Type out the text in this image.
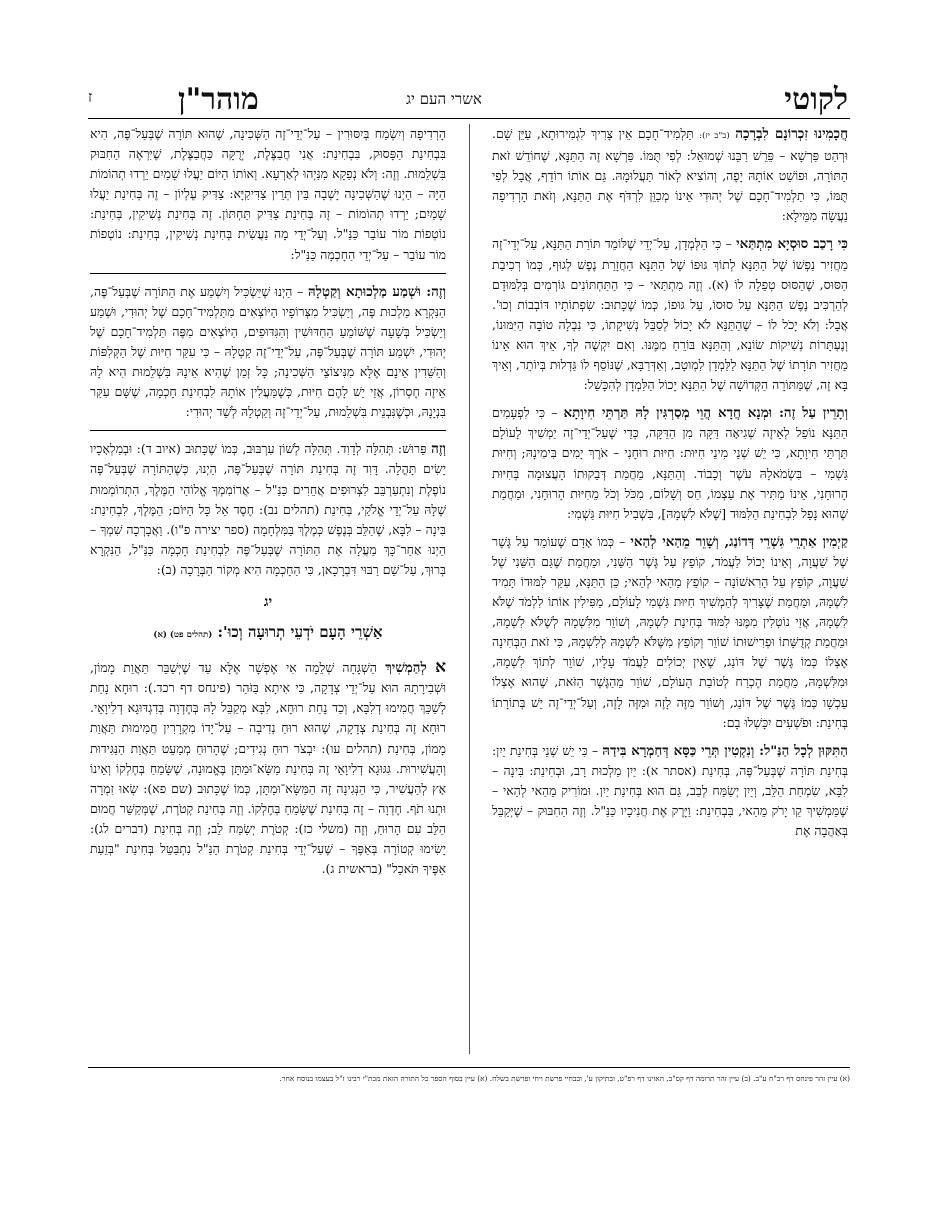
לקוטי
אשרי העם יג
מוהר"ן
ז

חֲכָמִינוּ זִכְרוֹנָם לִבְרָכָה (ב"ב יז): תַּלְמִיד־חָכָם אֵין צָרִיךְ לִגְמִירוּתָא, עַיֵּן שָׁם. וּרְהַט פַּרְשָׁא – פֵּרֵשׁ רַבֵּנוּ שְׁמוּאֵל: לְפִי תֻּמּוֹ. פַּרְשָׁא זֶה הַתַּנָּא, שֶׁחוֹדֵשׁ זֹאת הַתּוֹרָה, וּפוֹשֵׁט אוֹתָהּ יָפֶה, וְהוֹצִיא לְאוֹר תַּעֲלוּמָהּ. גַּם אוֹתוֹ רוֹדֵף, אֲבָל לְפִי תֻּמּוֹ, כִּי תַלְמִיד־חָכָם שֶׁל יְהוּדִי אֵינוֹ מְכַוֵּן לִרְדֹּף אֶת הַתַּנָּא, וְזֹאת הָרְדִיפָה נַעֲשָׂה מִמֵּילָא:

כִּי רָכַב סוּסְיָא מִתְתַּאי – כִּי הַלְּמְדָן, עַל־יְדֵי שֶׁלּוֹמֵד תּוֹרַת הַתַּנָּא, עַל־יְדֵי־זֶה מַחֲזִיר נַפְשׁוֹ שֶׁל הַתַּנָּא לְתוֹךְ גּוּפוֹ שֶׁל הַתַּנָּא הַחֲזָרַת נֶפֶשׁ לְגוּף, כְּמוֹ רְכִיבַת הַסּוּס, שֶׁהַסּוּס טְפֵלָה לוֹ (א). וְזֶה מִתְתַּאי – כִּי הַתַּחְתּוֹנִים גּוֹרְמִים בְּלִמּוּדָם לְהַרְכִּיב נֶפֶשׁ הַתַּנָּא עַל סוּסוֹ, עַל גּוּפוֹ, כְּמוֹ שֶׁכָּתוּב: שִׂפְתוֹתָיו דּוֹבְבוֹת וְכוּ'. אֲבָל: וְלֹא יָכֹל לוֹ – שֶׁהַתַּנָּא לֹא יָכוֹל לְסַבֵּל נְשִׁיקָתוֹ, כִּי נִבְלָה טוֹבָה הַיִּמּוּנוֹ, וְנֶעְתָּרוֹת נְשִׁיקוֹת שׂוֹנֵא, וְהַתַּנָּא בּוֹרֵחַ מִמֶּנּוּ. וְאִם יִקְשֶׁה לְךָ, אֵיךְ הוּא אֵינוֹ מַחֲזִיר תּוֹרָתוֹ שֶׁל הַתַּנָּא לַלַּמְדָן לִמְוטָב, וְאַדְּרַבָּא, שֶׁנּוֹסֵף לוֹ גַּדְלוּת בְּיוֹתֵר, וְאֵיךְ בָּא זֶה, שֶׁמַּתּוֹרָה הַקְּדוֹשָׁה שֶׁל הַתַּנָּא יָכוֹל הַלַּמְדָן לְהִכָּשֵׁל:

וְתָרֵין עַל זֶה: וּמְנָא חֲדָא הֲוֵי מְסַרְגִּין לָהּ תַּרְתֵּי חִיוָתָא – כִּי לִפְעָמִים הַתַּנָּא נוֹפֵל לְאֵיזֶה שְׁגִיאָה דַּקָּה מִן הַדַּקָּה, כְּדֵי שֶׁעַל־יְדֵי־זֶה יַמְשִׁיךְ לָעוֹלָם תַּרְתֵּי חִיוָתָא, כִּי יֵשׁ שְׁנֵי מִינֵי חִיּוּת: חִיּוּת רוּחָנִי – אֹרֶךְ יָמִים בִּימִינָהּ; וְחִיּוּת גַּשְׁמִי – בִּשְׂמֹאלָהּ עֹשֶׁר וְכָבוֹד. וְהַתַּנָּא, מֵחֲמַת דְּבֵקוּתוֹ הָעֲצוּמָה בְּחִיּוּת הָרוּחָנִי, אֵינוֹ מַתִּיר אֶת עַצְמוֹ, חַס וְשָׁלוֹם, מִכֹּל וְכֹל מֵחִיּוּת הָרוּחָנִי, וּמֵחֲמַת שֶׁהוּא נָפַל לִבְחִינַת הַלִּמּוּד [שֶׁלֹּא לִשְׁמָהּ], בִּשְׁבִיל חִיּוּת גַּשְׁמִי:

קַיְמִין אַתְרֵי גִּשְׁרֵי דְּדוֹנַג, וְשָׁוֵר מֵהַאי לְהַאי – כְּמוֹ אָדָם שֶׁעוֹמֵד עַל גֶּשֶׁר שֶׁל שַׁעֲוָה, וְאֵינוֹ יָכוֹל לַעֲמֹד, קוֹפֵץ עַל גֶּשֶׁר הַשֵּׁנִי, וּמֵחֲמַת שֶׁגַּם הַשֵּׁנִי שֶׁל שַׁעֲוָה, קוֹפֵץ עַל הָרִאשׁוֹנָה – קוֹפֵץ מֵהַאי לְהַאי; כֵּן הַתַּנָּא, עִקַּר לִמּוּדוֹ תָּמִיד לִשְׁמָהּ, וּמֵחֲמַת שֶׁצָּרִיךְ לְהַמְשִׁיךְ חִיּוּת גַּשְׁמִי לָעוֹלָם, מַפִּילִין אוֹתוֹ לִלְמֹד שֶׁלֹּא לִשְׁמָהּ, אֲזַי נוֹטְלִין מִמֶּנּוּ לִמּוּד בְּחִינַת לִשְׁמָהּ, וְשׁוֹוֵר מִלִּשְׁמָהּ לְשֶׁלֹּא לִשְׁמָהּ, וּמֵחֲמַת קְדֻשָּׁתוֹ וּפְרִישׁוּתוֹ שׁוֹוֵר וְקוֹפֵץ מִשֶּׁלֹּא לִשְׁמָהּ לְלִשְׁמָהּ, כִּי זֹאת הַבְּחִינָה אֶצְלוֹ כְּמוֹ גֶּשֶׁר שֶׁל דּוֹנַג, שֶׁאֵין יְכוֹלִים לַעֲמֹד עָלָיו, שׁוֹוֵר לְתוֹךְ לִשְׁמָהּ, וּמִלִּשְׁמָהּ, מֵחֲמַת הֶכְרַח לְטוֹבַת הָעוֹלָם, שׁוֹוֵר מֵהַגֶּשֶׁר הַזֹּאת, שֶׁהוּא אֶצְלוֹ עַכְשָׁו כְּמוֹ גֶּשֶׁר שֶׁל דּוֹנַג, וְשׁוֹוֵר מִזֶּה לָזֶה וּמִזֶּה לָזֶה, וְעַל־יְדֵי־זֶה יֵשׁ בְּתוֹרָתוֹ בְּחִינַת: וּפֹשְׁעִים יִכָּשְׁלוּ בָם:

הַתִּקּוּן לְכָל הַנַּ"ל: וְנִקְטִין תְּרֵי כַּסָּא דְּחַמְרָא בִּידַהּ – כִּי יֵשׁ שְׁנֵי בְּחִינַת יַיִן: בְּחִינַת תּוֹרָה שֶׁבְּעַל־פֶּה, בְּחִינַת (אסתר א): יַיִן מַלְכוּת רָב, וּבְחִינַת: בִּינָה – לִבָּא, שִׂמְחַת הַלֵּב, וְיַיִן יְשַׂמַּח לְבַב, גַּם הוּא בְּחִינַת יַיִן. וּמוֹרִיק מֵהַאי לְהַאי – שֶׁמַּמְשִׁיךְ קַו יָרֹק מֵהַאי, בִּבְחִינַת: וַיָּרֶק אֶת חֲנִיכָיו כַּנַּ"ל. וְזֶה הַחִבּוּק – שֶׁיְּקַבֵּל בְּאַהֲבָה אֶת

הָרְדִיפָה וְיִשְׂמַח בְּיִסּוּרִין – עַל־יְדֵי־זֶה הַשְּׁכִינָה, שֶׁהוּא תּוֹרָה שֶׁבְּעַל־פֶּה, הִיא בִּבְחִינַת הַפָּסוּק, בִּבְחִינַת: אֲנִי חֲבַצֶּלֶת, יְרֻקָּה כַּחֲבַצֶּלֶת, שֶׁיִּרְאֶה הַחִבּוּק בִּשְׁלֵמוּת. וְזֶה: וְלֹא נְפַקָא מִנַּיְהוּ לְאַרְעָא. וְאוֹתוֹ הַיּוֹם יַעֲלוּ שָׁמַיִם יֵרְדוּ תְהוֹמוֹת הַיָּה – הַיְנוּ שֶׁהַשְּׁכִינָה יָשְׁבָה בֵּין תְּרֵין צַדִּיקַיָּא: צַדִּיק עֶלְיוֹן – זֶה בְּחִינַת יַעֲלוּ שָׁמַיִם; יֵרְדוּ תְהוֹמוֹת – זֶה בְּחִינַת צַדִּיק תַּחְתּוֹן. זֶה בְּחִינַת נְשִׁיקִין, בְּחִינַת: נוֹטְפוֹת מוֹר עוֹבֵר כַּנַּ"ל. וְעַל־יְדֵי מָה נַעֲשִׂית בְּחִינַת נְשִׁיקִין, בְּחִינַת: נוֹטְפוֹת מוֹר עוֹבֵר – עַל־יְדֵי הַחָכְמָה כַּנַּ"ל:

וְזֶה: וּשְׁמַע מַלְכוּתָא וְקַטְלָהּ – הַיְנוּ שֶׁיַּשְׂכִּיל וְיִשְׁמַע אֶת הַתּוֹרָה שֶׁבְּעַל־פֶּה, הַנִּקְרָא מַלְכוּת פֶּה, וְיַשְׂכִּיל מִצְּרוֹפָיו הַיּוֹצְאִים מִתַּלְמִיד־חָכָם שֶׁל יְהוּדִי, וּשְׁמַע וְיַשְׂכִּיל בְּשָׁעָה שֶׁשּׁוֹמֵעַ הַחִדּוּשִׁין וְהַגִּדּוּפִים, הַיּוֹצְאִים מִפֶּה תַּלְמִיד־חָכָם שֶׁל יְהוּדִי, יִשְׁמַע תּוֹרָה שֶׁבְּעַל־פֶּה, עַל־יְדֵי־זֶה קַטְלָהּ – כִּי עִקַּר חִיּוּת שֶׁל הַקְּלִפּוֹת וְהַשֵּׁדִין אֵינָם אֶלָּא מִנִּיצוֹצֵי הַשְּׁכִינָה; כָּל זְמַן שֶׁהִיא אֵינָהּ בִּשְׁלֵמוּת הִיא לָהּ אֵיזֶה חֶסְרוֹן, אֲזַי יֵשׁ לָהֶם חִיּוּת, כְּשֶׁמַּעֲלִין אוֹתָהּ לִבְחִינַת חָכְמָה, שֶׁשָּׁם עִקַּר בִּנְיָנָהּ, וּכְשֶׁנִּבְנֵית בִּשְׁלֵמוּת, עַל־יְדֵי־זֶה וְקַטְלָהּ לְשֵׁד יְהוּדִי:

וְזֶה פֵּרוּשׁ: תְּהִלָּה לְדָוִד. תְּהִלָּה לְשׁוֹן עִרְבּוּב, כְּמוֹ שֶׁכָּתוּב (איוב ד): וּבְמַלְאָכָיו יָשִׂים תָּהֳלָה. דָּוִד זֶה בְּחִינַת תּוֹרָה שֶׁבְּעַל־פֶּה, הַיְנוּ, כְּשֶׁהַתּוֹרָה שֶׁבְּעַל־פֶּה נוֹפֶלֶת וְנִתְעַרְבֵּב לִצְרוּפִים אֲחֵרִים כַּנַּ"ל – אֲרוֹמִמְךָ אֱלוֹהַי הַמֶּלֶךְ, הִתְרוֹמְמוּת שֶׁלָּהּ עַל־יְדֵי אֱלֹקַי, בְּחִינַת (תהלים נב): חֶסֶד אֵל כָּל הַיּוֹם; הַמֶּלֶךְ, לִבְחִינַת: בִּינָה – לִבָּא, שֶׁהַלֵּב בְּנֶפֶשׁ כְּמֶלֶךְ בַּמִּלְחָמָה (ספר יצירה פ"ו). וַאֲבָרְכָה שִׁמְךָ – הַיְנוּ אַחַר־כָּךְ מַעֲלָה אֶת הַתּוֹרָה שֶׁבְּעַל־פֶּה לִבְחִינַת חָכְמָה כַּנַּ"ל, הַנִּקְרָא בְּרוּךְ, עַל־שֵׁם רַבּוּי דִּבְרָכָאן, כִּי הַחָכְמָה הִיא מְקוֹר הַבְּרָכָה (ב):

יג
אַשְׁרֵי הָעָם יֹדְעֵי תְרוּעָה וְכוּ': (תהלים פט) (א)

א לְהַמְשִׁיךְ הַשְׁגָּחָה שְׁלֵמָה אִי אֶפְשָׁר אֶלָּא עַד שֶׁיְּשַׁבֵּר תַּאֲוַת מָמוֹן, וּשְׁבִירָתָהּ הוּא עַל־יְדֵי צְדָקָה, כִּי אִיתָא בַּזֹּהַר (פינחס דף רכד.): רוּחָא נָחַת לְשַׁכֵּךְ חֲמִימוּ דְלִבָּא, וְכַד נָחַת רוּחָא, לִבָּא מְקַבֵּל לָהּ בְּחֶדְוָה בְּדִגְדּוּגָא דְלִיוָאֵי. רוּחָא זֶה בְּחִינַת צְדָקָה, שֶׁהוּא רוּחַ נְדִיבָה – עַל־יָדוֹ מִקְרָרִין חֲמִימוּת תַּאֲוַת מָמוֹן, בְּחִינַת (תהלים עו): יִבְצֹר רוּחַ נְגִידִים; שֶׁהָרוּחַ מְמַעֵט תַּאֲוַת הַנַּגִּידוּת וְהָעֲשִׁירוּת. גִּגּוּגָא דְלִיוָאֵי זֶה בְּחִינַת מַשָּׂא־וּמַתָּן בֶּאֱמוּנָה, שֶׁשָּׂמֵחַ בְּחֶלְקוֹ וְאֵינוֹ אָץ לְהַעֲשִׁיר, כִּי הַנְּגִינָה זֶה הַמַּשָּׂא־וּמַתָּן, כְּמוֹ שֶׁכָּתוּב (שם פא): שְׂאוּ זִמְרָה וּתְנוּ תֹף. חֶדְוָה – זֶה בְּחִינַת שֶׁשָּׂמֵחַ בְּחֶלְקוֹ. וְזֶה בְּחִינַת קְטֹרֶת, שֶׁמְּקַשֵּׁר חֲמוּם הַלֵּב עִם הָרוּחַ, וְזֶה (משלי כז): קְטֹרֶת יְשַׂמַּח לֵב; וְזֶה בְּחִינַת (דברים לג): יָשִׂימוּ קְטוֹרָה בְּאַפֶּךָ – שֶׁעַל־יְדֵי בְּחִינַת קְטֹרֶת הַנַּ"ל נִתְבַּטֵּל בְּחִינַת "בְּזֵעַת אַפֶּיךָ תֹּאכַל" (בראשית ג).

(א) עיין זהר פינחס דף רכ"ח ע"ב. (ב) עיין זהר תרומה דף קס"ב, האזינו דף רפ"ט, ובתיקון ע', ובבחיי פרשת ויחי ופרשת בשלח. (א) עיין בסוף הספר כל התורה הזאת מכת"י רבינו ז"ל בעצמו בנוסח אחר.
